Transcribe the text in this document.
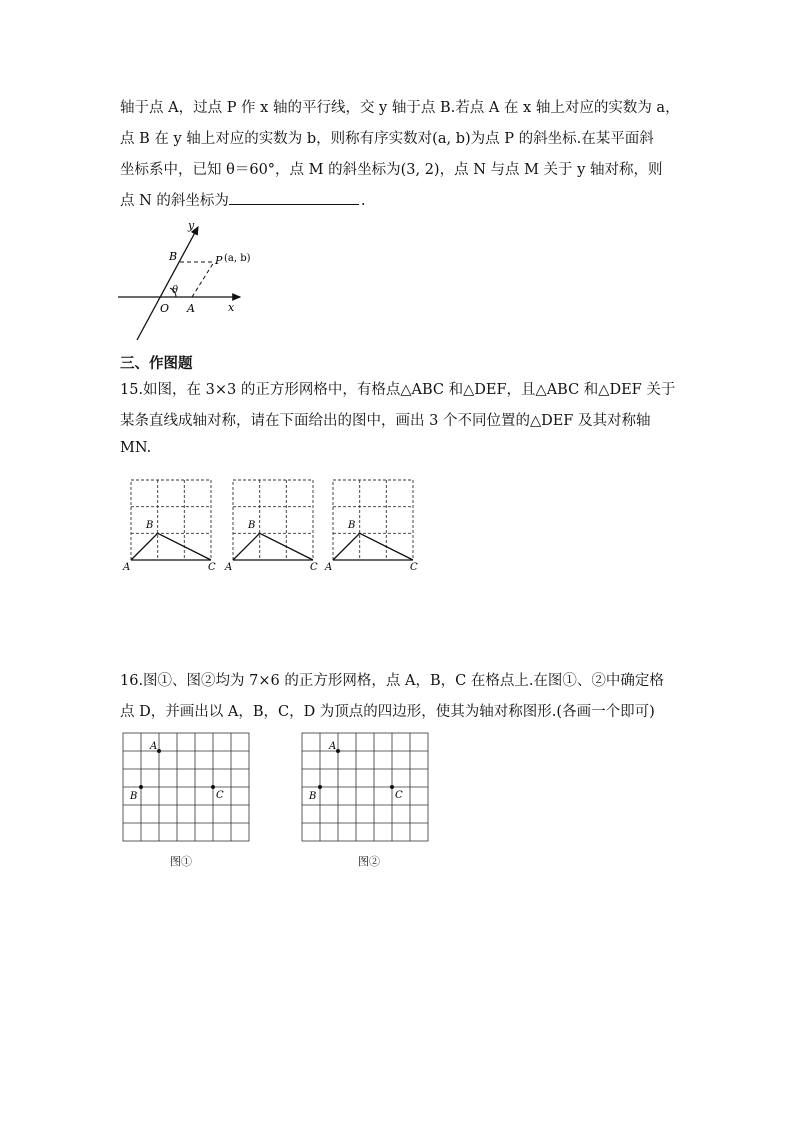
轴于点 A，过点 P 作 x 轴的平行线，交 y 轴于点 B.若点 A 在 x 轴上对应的实数为 a，
点 B 在 y 轴上对应的实数为 b，则称有序实数对(a, b)为点 P 的斜坐标.在某平面斜
坐标系中，已知 θ＝60°，点 M 的斜坐标为(3, 2)，点 N 与点 M 关于 y 轴对称，则
点 N 的斜坐标为	.
y
x
B	P (a, b)
θ
O A
三、作图题
15.如图，在 3×3 的正方形网格中，有格点△ABC 和△DEF，且△ABC 和△DEF 关于
某条直线成轴对称，请在下面给出的图中，画出 3 个不同位置的△DEF 及其对称轴
MN.
B
A	C
B
A	C
B
A	C
16.图①、图②均为 7×6 的正方形网格，点 A，B，C 在格点上.在图①、②中确定格
点 D，并画出以 A，B，C，D 为顶点的四边形，使其为轴对称图形.(各画一个即可)
A
B	C
图①
A
B	C
图②
